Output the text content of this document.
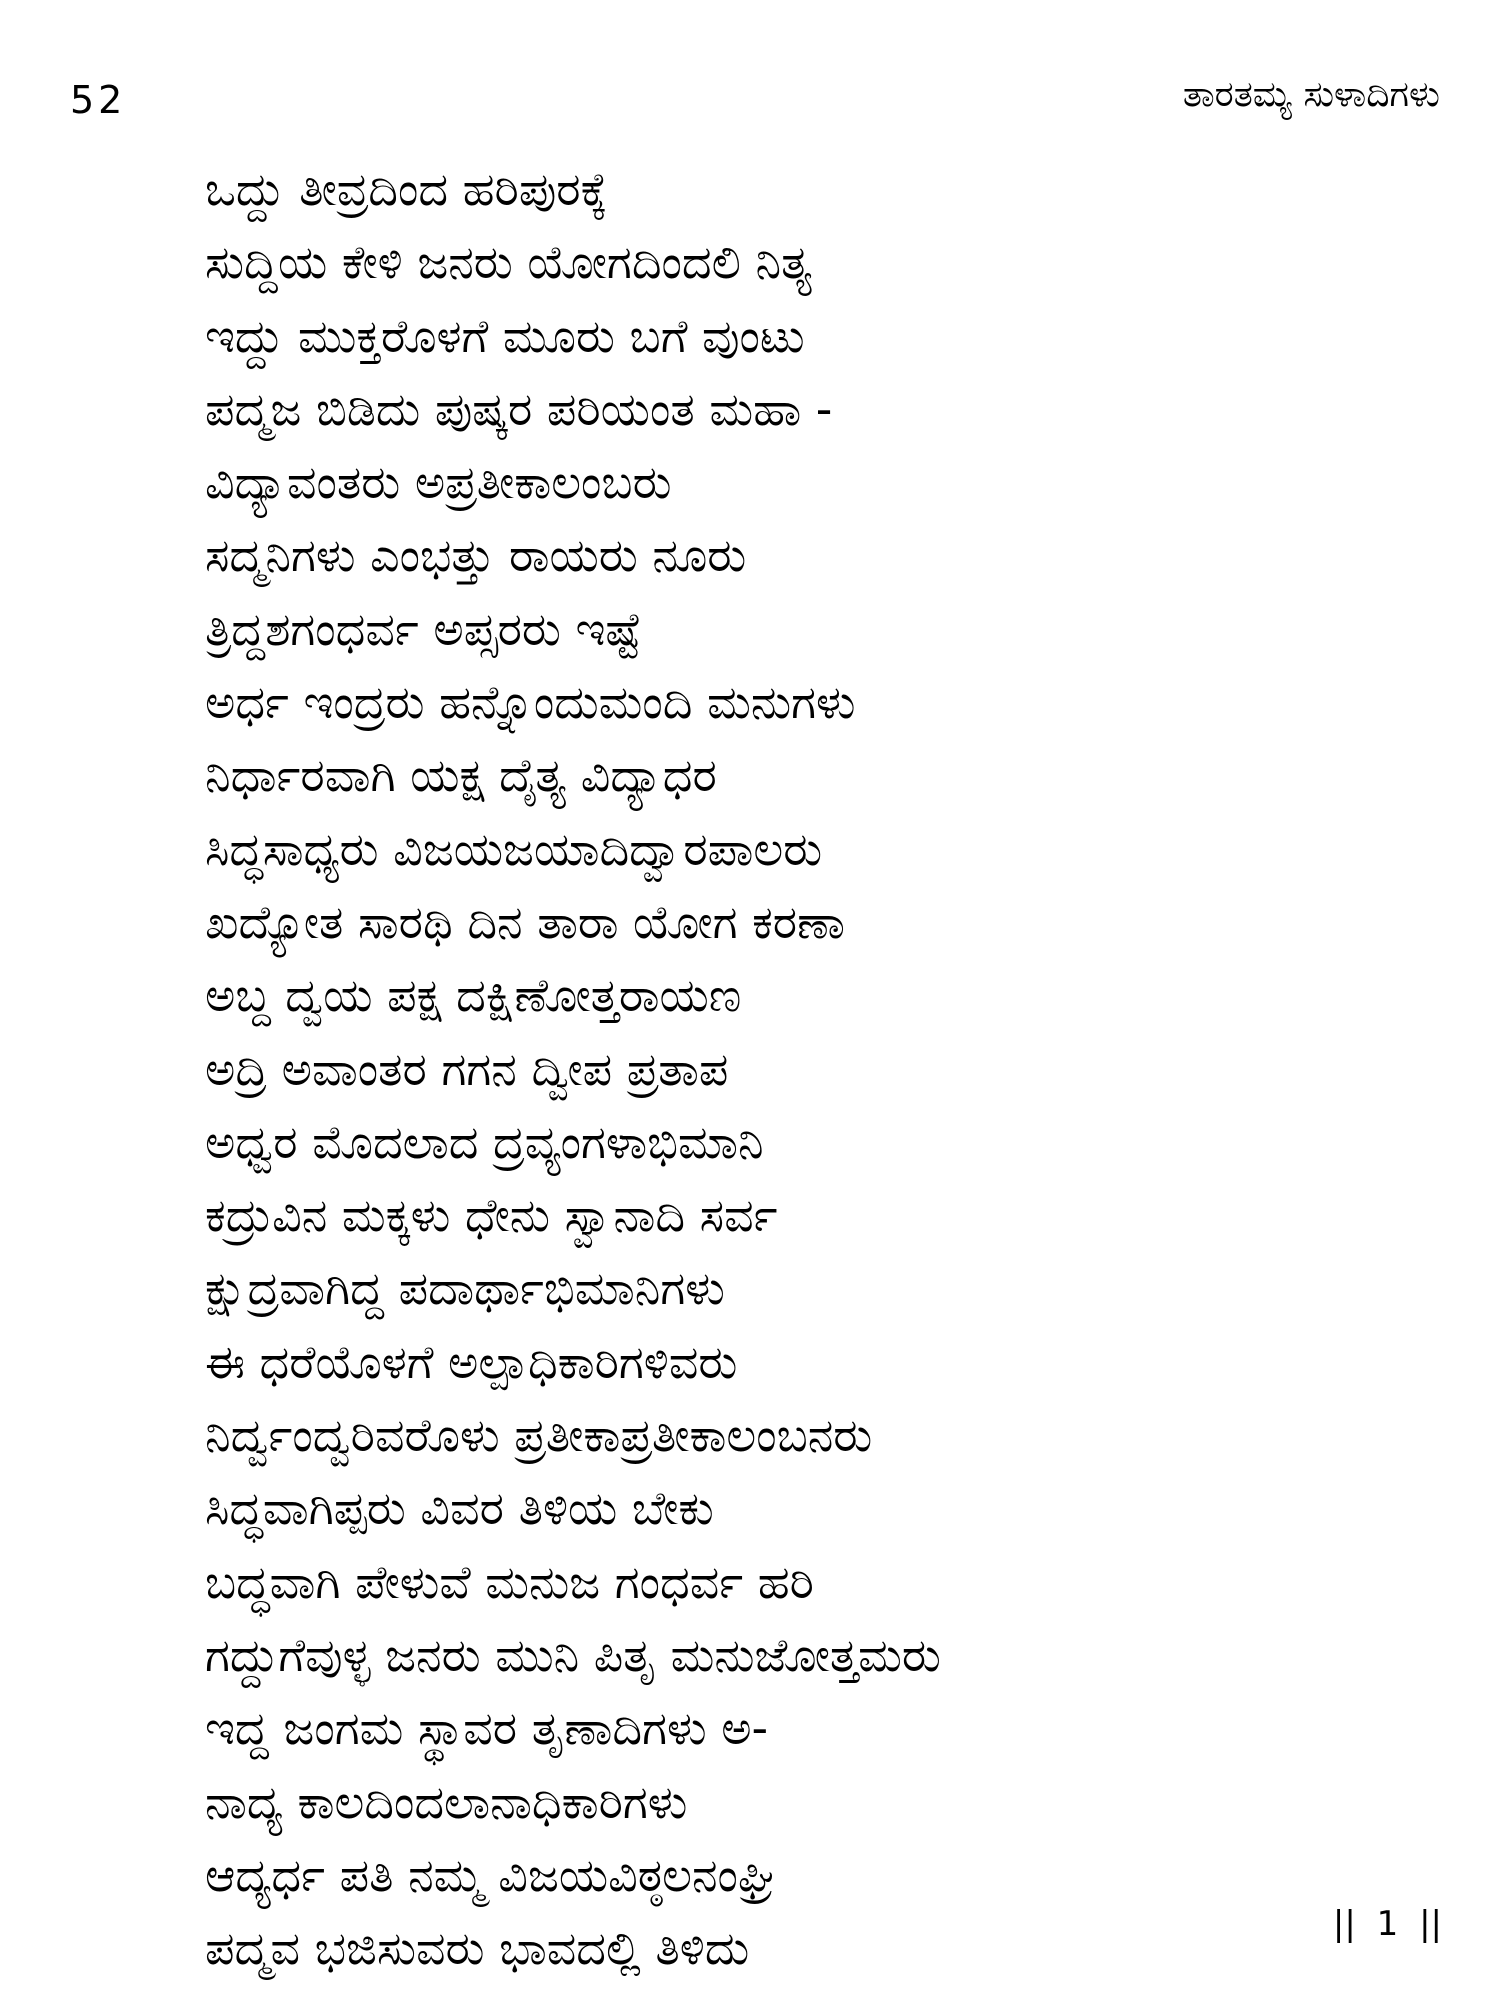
52	ತಾರತಮ್ಯ ಸುಳಾದಿಗಳು
ಒದ್ದು ತೀವ್ರದಿಂದ ಹರಿಪುರಕ್ಕೆ
ಸುದ್ದಿಯ ಕೇಳಿ ಜನರು ಯೋಗದಿಂದಲಿ ನಿತ್ಯ
ಇದ್ದು ಮುಕ್ತರೊಳಗೆ ಮೂರು ಬಗೆ ವುಂಟು
ಪದ್ಮಜ ಬಿಡಿದು ಪುಷ್ಕರ ಪರಿಯಂತ ಮಹಾ -
ವಿದ್ಯಾವಂತರು ಅಪ್ರತೀಕಾಲಂಬರು
ಸದ್ಮನಿಗಳು ಎಂಭತ್ತು ರಾಯರು ನೂರು
ತ್ರಿದ್ದಶಗಂಧರ್ವ ಅಪ್ಸರರು ಇಷ್ಟೆ
ಅರ್ಧ ಇಂದ್ರರು ಹನ್ನೊಂದುಮಂದಿ ಮನುಗಳು
ನಿರ್ಧಾರವಾಗಿ ಯಕ್ಷ ದೈತ್ಯ ವಿದ್ಯಾಧರ
ಸಿದ್ಧಸಾಧ್ಯರು ವಿಜಯಜಯಾದಿದ್ವಾರಪಾಲರು
ಖದ್ಯೋತ ಸಾರಥಿ ದಿನ ತಾರಾ ಯೋಗ ಕರಣಾ
ಅಬ್ದ ದ್ವಯ ಪಕ್ಷ ದಕ್ಷಿಣೋತ್ತರಾಯಣ
ಅದ್ರಿ ಅವಾಂತರ ಗಗನ ದ್ವೀಪ ಪ್ರತಾಪ
ಅಧ್ವರ ಮೊದಲಾದ ದ್ರವ್ಯಂಗಳಾಭಿಮಾನಿ
ಕದ್ರುವಿನ ಮಕ್ಕಳು ಧೇನು ಸ್ವಾನಾದಿ ಸರ್ವ
ಕ್ಷುದ್ರವಾಗಿದ್ದ ಪದಾರ್ಥಾಭಿಮಾನಿಗಳು
ಈ ಧರೆಯೊಳಗೆ ಅಲ್ಪಾಧಿಕಾರಿಗಳಿವರು
ನಿರ್ದ್ವಂದ್ವರಿವರೊಳು ಪ್ರತೀಕಾಪ್ರತೀಕಾಲಂಬನರು
ಸಿದ್ಧವಾಗಿಪ್ಪರು ವಿವರ ತಿಳಿಯ ಬೇಕು
ಬದ್ಧವಾಗಿ ಪೇಳುವೆ ಮನುಜ ಗಂಧರ್ವ ಹರಿ
ಗದ್ದುಗೆವುಳ್ಳ ಜನರು ಮುನಿ ಪಿತೃ ಮನುಜೋತ್ತಮರು
ಇದ್ದ ಜಂಗಮ ಸ್ಥಾವರ ತೃಣಾದಿಗಳು ಅ-
ನಾದ್ಯ ಕಾಲದಿಂದಲಾನಾಧಿಕಾರಿಗಳು
ಆದ್ಯರ್ಧ ಪತಿ ನಮ್ಮ ವಿಜಯವಿಠ್ಠಲನಂಘ್ರಿ
ಪದ್ಮವ ಭಜಿಸುವರು ಭಾವದಲ್ಲಿ ತಿಳಿದು	|| 1 ||
